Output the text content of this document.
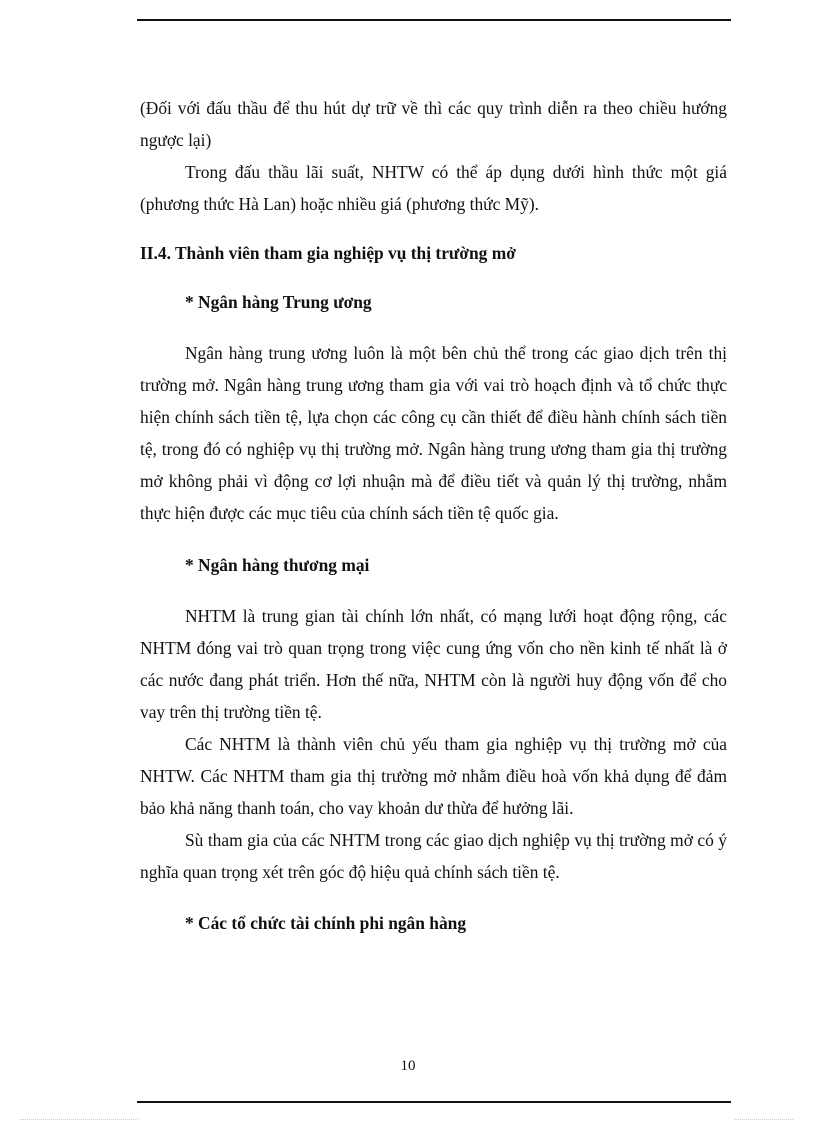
(Đối với đấu thầu để thu hút dự trữ về thì các quy trình diễn ra theo chiều hướng ngược lại)

Trong đấu thầu lãi suất, NHTW có thể áp dụng dưới hình thức một giá (phương thức Hà Lan) hoặc nhiều giá (phương thức Mỹ).

II.4. Thành viên tham gia nghiệp vụ thị trường mở

* Ngân hàng Trung ương

Ngân hàng trung ương luôn là một bên chủ thể trong các giao dịch trên thị trường mở. Ngân hàng trung ương tham gia với vai trò hoạch định và tổ chức thực hiện chính sách tiền tệ, lựa chọn các công cụ cần thiết để điều hành chính sách tiền tệ, trong đó có nghiệp vụ thị trường mở. Ngân hàng trung ương tham gia thị trường mở không phải vì động cơ lợi nhuận mà để điều tiết và quản lý thị trường, nhằm thực hiện được các mục tiêu của chính sách tiền tệ quốc gia.

* Ngân hàng thương mại

NHTM là trung gian tài chính lớn nhất, có mạng lưới hoạt động rộng, các NHTM đóng vai trò quan trọng trong việc cung ứng vốn cho nền kinh tế nhất là ở các nước đang phát triển. Hơn thế nữa, NHTM còn là người huy động vốn để cho vay trên thị trường tiền tệ.

Các NHTM là thành viên chủ yếu tham gia nghiệp vụ thị trường mở của NHTW. Các NHTM tham gia thị trường mở nhằm điều hoà vốn khả dụng để đảm bảo khả năng thanh toán, cho vay khoản dư thừa để hưởng lãi.

Sù tham gia của các NHTM trong các giao dịch nghiệp vụ thị trường mở có ý nghĩa quan trọng xét trên góc độ hiệu quả chính sách tiền tệ.

* Các tổ chức tài chính phi ngân hàng

10
